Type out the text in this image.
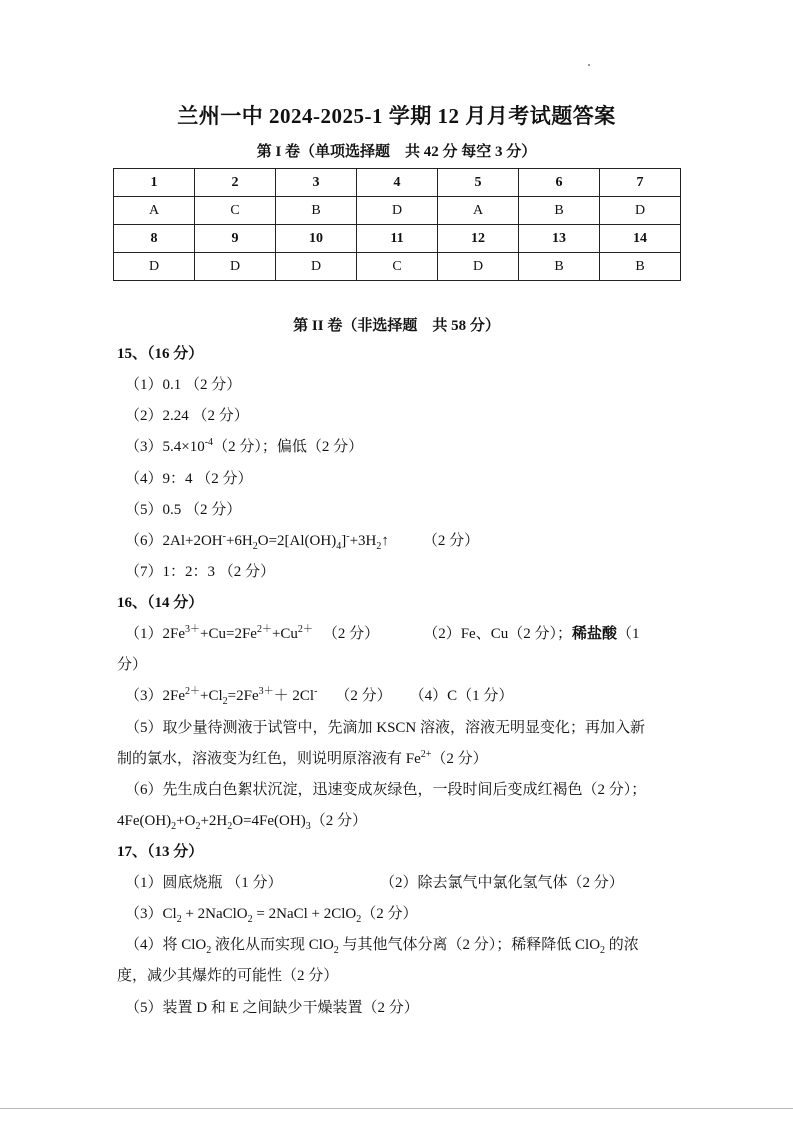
兰州一中 2024-2025-1 学期 12 月月考试题答案
第 I 卷（单项选择题　共 42 分 每空 3 分）
1	2	3	4	5	6	7
A	C	B	D	A	B	D
8	9	10	11	12	13	14
D	D	D	C	D	B	B
第 II 卷（非选择题　共 58 分）
15、（16 分）
（1）0.1 （2 分）
（2）2.24 （2 分）
$(3)5.4\times 10^{-4}(2$ 分）；偏低（2 分）
（4）9：4 （2 分）
（5）0.5 （2 分）
$(6)2Al+2OH^-+6H_2O=2[Al(OH)_4]^-+3H_2↑$ （2 分）
（7）1：2：3 （2 分）
16、（14 分）
$(1)2Fe^{3+}+Cu=2Fe^{2+}+Cu^{2+}$ （2 分）	（2）Fe、Cu（2 分）；稀盐酸（1
分）
$(3)2Fe^{2+}+Cl_2=2Fe^{3+}+ 2Cl^-$ （2 分） （4）C（1 分）
（5）取少量待测液于试管中，先滴加 KSCN 溶液，溶液无明显变化；再加入新
制的氯水，溶液变为红色，则说明原溶液有 $Fe^{2+}(2$ 分）
（6）先生成白色絮状沉淀，迅速变成灰绿色，一段时间后变成红褐色（2 分）；
$4Fe(OH)_2+O_2+2H_2O=4Fe(OH)_3(2$ 分）
17、（13 分）
（1）圆底烧瓶 （1 分）	（2）除去氯气中氯化氢气体（2 分）
$(3)Cl_2$ + 2NaClO$_2$ = 2NaCl + 2ClO$_2$（2 分）
（4）将 ClO$_2$ 液化从而实现 ClO$_2$ 与其他气体分离（2 分）；稀释降低 ClO$_2$ 的浓
度，减少其爆炸的可能性（2 分）
（5）装置 D 和 E 之间缺少干燥装置（2 分）
